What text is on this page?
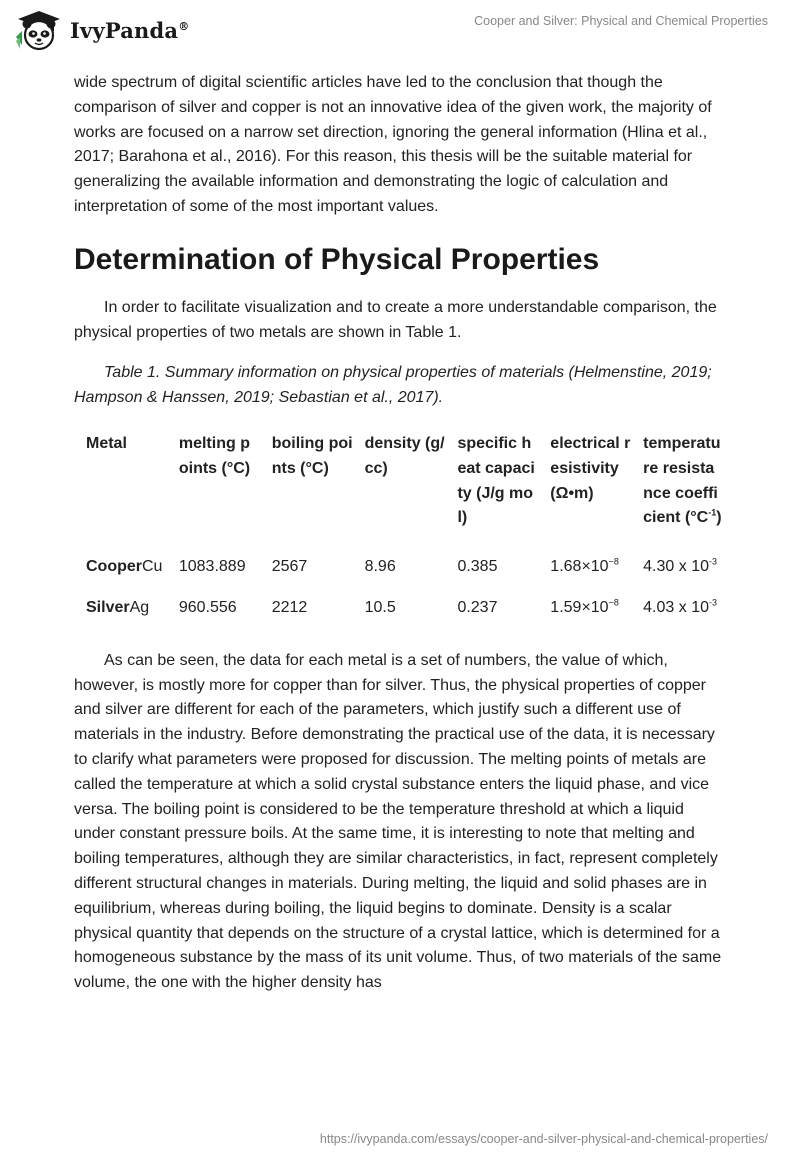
IvyPanda®	Cooper and Silver: Physical and Chemical Properties

wide spectrum of digital scientific articles have led to the conclusion that though the comparison of silver and copper is not an innovative idea of the given work, the majority of works are focused on a narrow set direction, ignoring the general information (Hlina et al., 2017; Barahona et al., 2016). For this reason, this thesis will be the suitable material for generalizing the available information and demonstrating the logic of calculation and interpretation of some of the most important values.

Determination of Physical Properties

In order to facilitate visualization and to create a more understandable comparison, the physical properties of two metals are shown in Table 1.

Table 1. Summary information on physical properties of materials (Helmenstine, 2019; Hampson & Hanssen, 2019; Sebastian et al., 2017).

Metal	melting points (°C)	boiling points (°C)	density (g/cc)	specific heat capacity (J/g mol)	electrical resistivity (Ω•m)	temperature resistance coefficient $(^\circ C^{-1})$
CooperCu	1083.889	2567	8.96	0.385	$1.68\times 10^{-8}$	4.30 x $10^{-3}$
SilverAg	960.556	2212	10.5	0.237	$1.59\times 10^{-8}$	4.03 x $10^{-3}$

As can be seen, the data for each metal is a set of numbers, the value of which, however, is mostly more for copper than for silver. Thus, the physical properties of copper and silver are different for each of the parameters, which justify such a different use of materials in the industry. Before demonstrating the practical use of the data, it is necessary to clarify what parameters were proposed for discussion. The melting points of metals are called the temperature at which a solid crystal substance enters the liquid phase, and vice versa. The boiling point is considered to be the temperature threshold at which a liquid under constant pressure boils. At the same time, it is interesting to note that melting and boiling temperatures, although they are similar characteristics, in fact, represent completely different structural changes in materials. During melting, the liquid and solid phases are in equilibrium, whereas during boiling, the liquid begins to dominate. Density is a scalar physical quantity that depends on the structure of a crystal lattice, which is determined for a homogeneous substance by the mass of its unit volume. Thus, of two materials of the same volume, the one with the higher density has

https://ivypanda.com/essays/cooper-and-silver-physical-and-chemical-properties/
